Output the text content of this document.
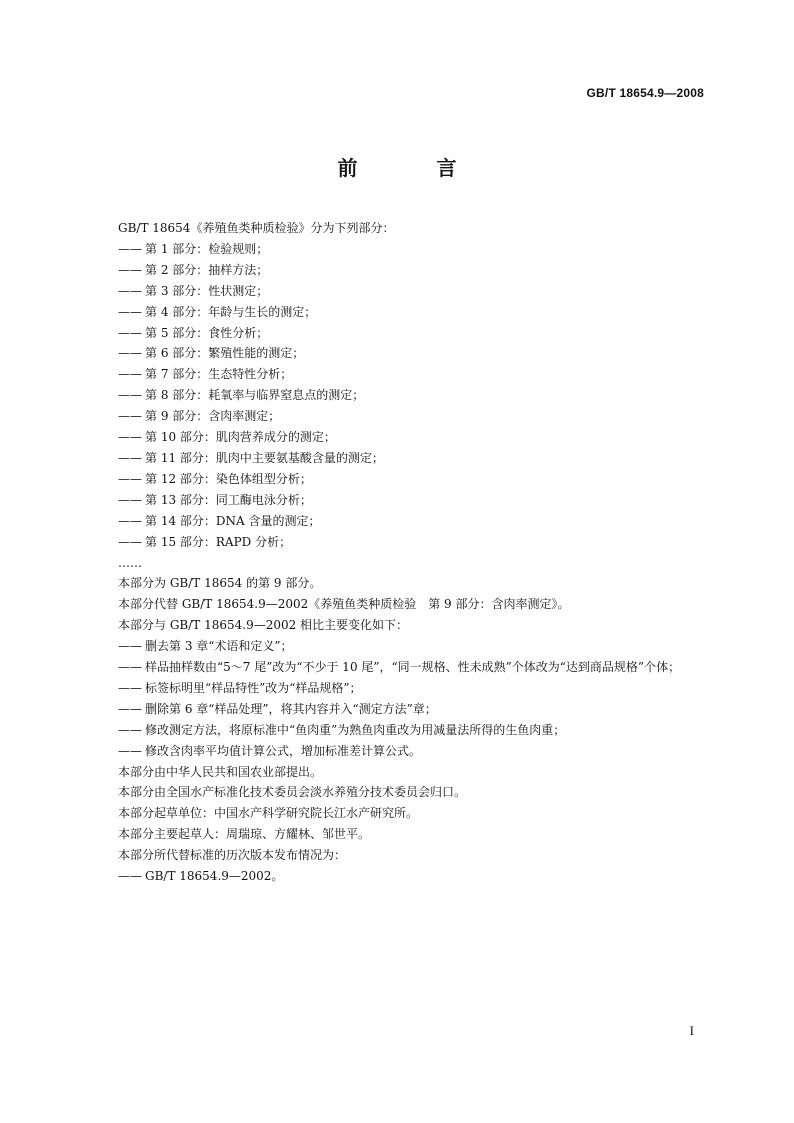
GB/T 18654.9—2008
前 言
GB/T 18654《养殖鱼类种质检验》分为下列部分：
—— 第 1 部分：检验规则；
—— 第 2 部分：抽样方法；
—— 第 3 部分：性状测定；
—— 第 4 部分：年龄与生长的测定；
—— 第 5 部分：食性分析；
—— 第 6 部分：繁殖性能的测定；
—— 第 7 部分：生态特性分析；
—— 第 8 部分：耗氧率与临界窒息点的测定；
—— 第 9 部分：含肉率测定；
—— 第 10 部分：肌肉营养成分的测定；
—— 第 11 部分：肌肉中主要氨基酸含量的测定；
—— 第 12 部分：染色体组型分析；
—— 第 13 部分：同工酶电泳分析；
—— 第 14 部分：DNA 含量的测定；
—— 第 15 部分：RAPD 分析；
……
本部分为 GB/T 18654 的第 9 部分。
本部分代替 GB/T 18654.9—2002《养殖鱼类种质检验　第 9 部分：含肉率测定》。
本部分与 GB/T 18654.9—2002 相比主要变化如下：
—— 删去第 3 章“术语和定义”；
—— 样品抽样数由“5～7 尾”改为“不少于 10 尾”，“同一规格、性未成熟”个体改为“达到商品规格”个体；
—— 标签标明里“样品特性”改为“样品规格”；
—— 删除第 6 章“样品处理”，将其内容并入“测定方法”章；
—— 修改测定方法，将原标准中“鱼肉重”为熟鱼肉重改为用减量法所得的生鱼肉重；
—— 修改含肉率平均值计算公式，增加标准差计算公式。
本部分由中华人民共和国农业部提出。
本部分由全国水产标准化技术委员会淡水养殖分技术委员会归口。
本部分起草单位：中国水产科学研究院长江水产研究所。
本部分主要起草人：周瑞琼、方耀林、邹世平。
本部分所代替标准的历次版本发布情况为：
—— GB/T 18654.9—2002。
I
